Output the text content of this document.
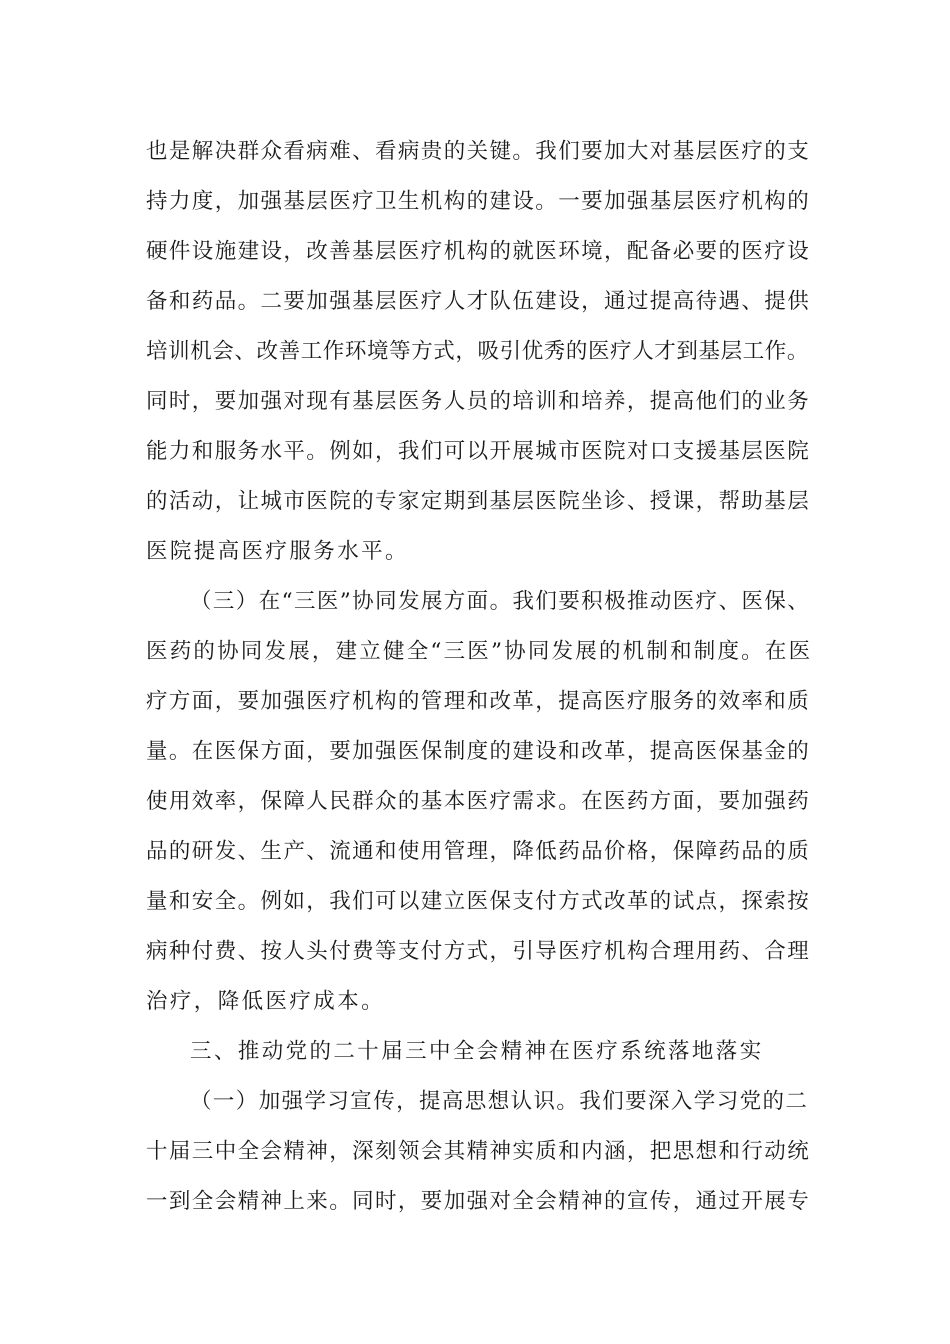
也是解决群众看病难、看病贵的关键。我们要加大对基层医疗的支
持力度，加强基层医疗卫生机构的建设。一要加强基层医疗机构的
硬件设施建设，改善基层医疗机构的就医环境，配备必要的医疗设
备和药品。二要加强基层医疗人才队伍建设，通过提高待遇、提供
培训机会、改善工作环境等方式，吸引优秀的医疗人才到基层工作。
同时，要加强对现有基层医务人员的培训和培养，提高他们的业务
能力和服务水平。例如，我们可以开展城市医院对口支援基层医院
的活动，让城市医院的专家定期到基层医院坐诊、授课，帮助基层
医院提高医疗服务水平。
（三）在“三医”协同发展方面。我们要积极推动医疗、医保、
医药的协同发展，建立健全“三医”协同发展的机制和制度。在医
疗方面，要加强医疗机构的管理和改革，提高医疗服务的效率和质
量。在医保方面，要加强医保制度的建设和改革，提高医保基金的
使用效率，保障人民群众的基本医疗需求。在医药方面，要加强药
品的研发、生产、流通和使用管理，降低药品价格，保障药品的质
量和安全。例如，我们可以建立医保支付方式改革的试点，探索按
病种付费、按人头付费等支付方式，引导医疗机构合理用药、合理
治疗，降低医疗成本。
三、推动党的二十届三中全会精神在医疗系统落地落实
（一）加强学习宣传，提高思想认识。我们要深入学习党的二
十届三中全会精神，深刻领会其精神实质和内涵，把思想和行动统
一到全会精神上来。同时，要加强对全会精神的宣传，通过开展专
